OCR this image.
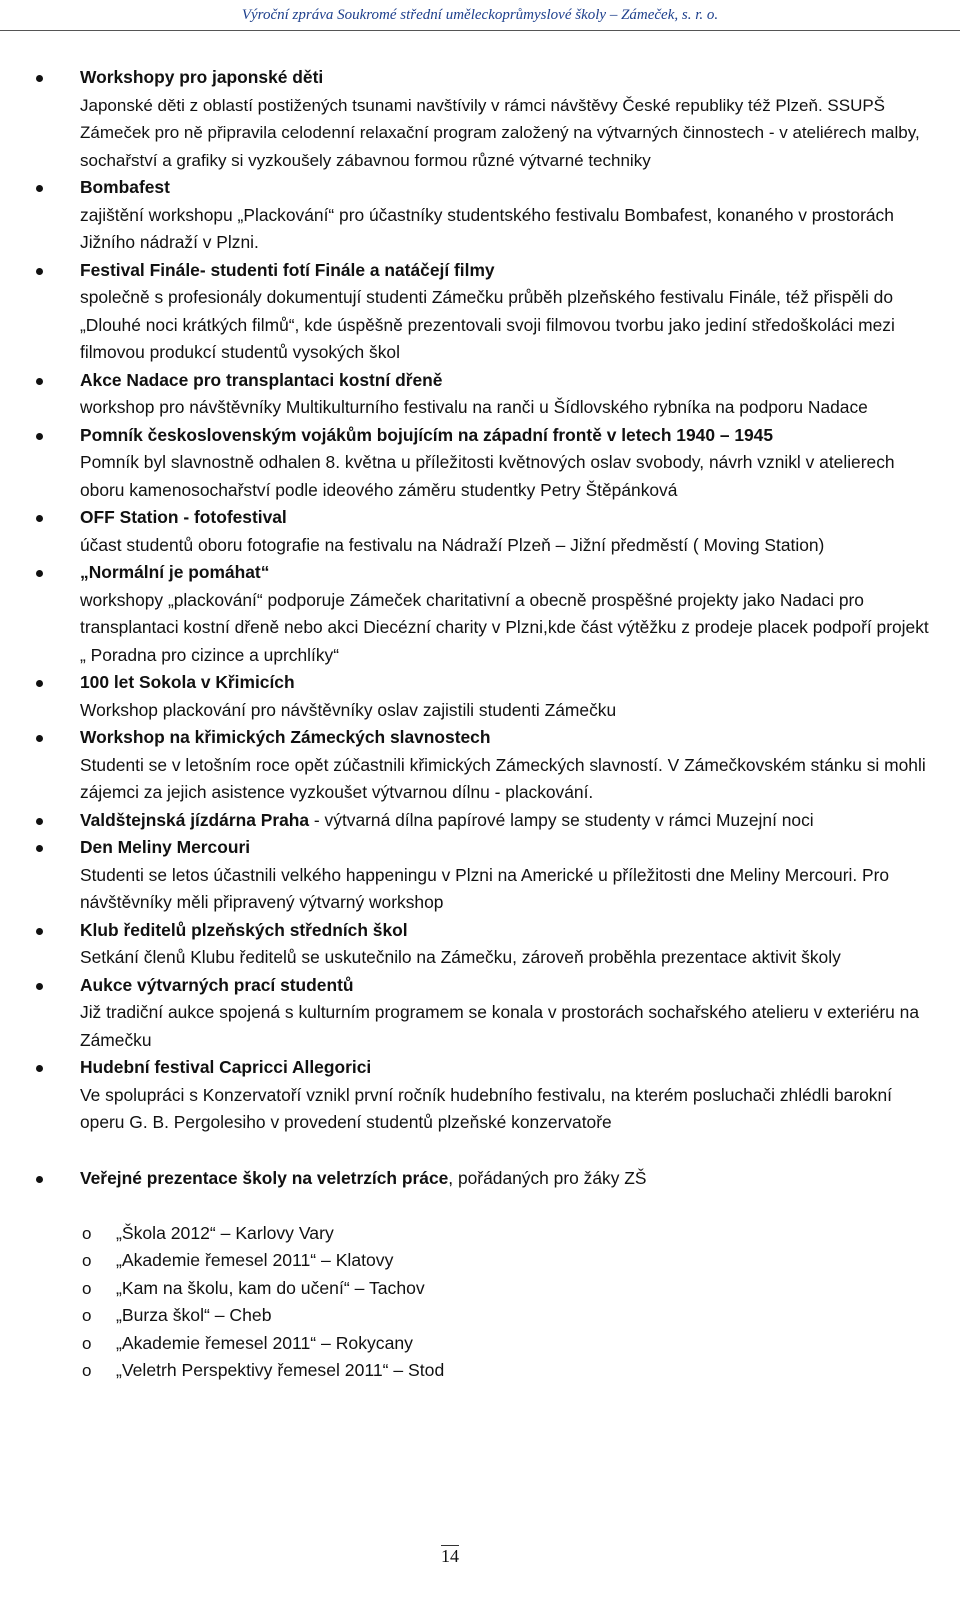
Výroční zpráva Soukromé střední uměleckoprůmyslové školy – Zámeček, s. r. o.
Workshopy pro japonské děti
Japonské děti z oblastí postižených tsunami navštívily v rámci návštěvy České republiky též Plzeň. SSUPŠ Zámeček pro ně připravila celodenní relaxační program založený na výtvarných činnostech - v ateliérech malby, sochařství a grafiky si vyzkoušely zábavnou formou různé výtvarné techniky
Bombafest
zajištění workshopu „Plackování“ pro účastníky studentského festivalu Bombafest, konaného v prostorách Jižního nádraží v Plzni.
Festival Finále- studenti fotí Finále a natáčejí filmy
společně s profesionály dokumentují studenti Zámečku průběh plzeňského festivalu Finále, též přispěli do „Dlouhé noci krátkých filmů“, kde úspěšně prezentovali svoji filmovou tvorbu jako jediní středoškoláci mezi filmovou produkcí studentů vysokých škol
Akce Nadace pro transplantaci kostní dřeně
workshop pro návštěvníky Multikulturního festivalu na ranči u Šídlovského rybníka na podporu Nadace
Pomník československým vojákům bojujícím na západní frontě v letech 1940 – 1945
Pomník byl slavnostně odhalen 8. května u příležitosti květnových oslav svobody, návrh vznikl v atelierech oboru kamenosochařství podle ideového záměru studentky Petry Štěpánková
OFF Station - fotofestival
účast studentů oboru fotografie na festivalu na Nádraží Plzeň – Jižní předměstí ( Moving Station)
„Normální je pomáhat“
workshopy „plackování“ podporuje Zámeček charitativní a obecně prospěšné projekty jako Nadaci pro transplantaci kostní dřeně nebo akci Diecézní charity v Plzni,kde část výtěžku z prodeje placek podpoří projekt „ Poradna pro cizince a uprchlíky“
100 let Sokola v Křimicích
Workshop plackování pro návštěvníky oslav zajistili studenti Zámečku
Workshop na křimických Zámeckých slavnostech
Studenti se v letošním roce opět zúčastnili křimických Zámeckých slavností. V Zámečkovském stánku si mohli zájemci za jejich asistence vyzkoušet výtvarnou dílnu - plackování.
Valdštejnská jízdárna Praha - výtvarná dílna papírové lampy se studenty v rámci Muzejní noci
Den Meliny Mercouri
Studenti se letos účastnili velkého happeningu v Plzni na Americké u příležitosti dne Meliny Mercouri. Pro návštěvníky měli připravený výtvarný workshop
Klub ředitelů plzeňských středních škol
Setkání členů Klubu ředitelů se uskutečnilo na Zámečku, zároveň proběhla prezentace aktivit školy
Aukce výtvarných prací studentů
Již tradiční aukce spojená s kulturním programem se konala v prostorách sochařského atelieru v exteriéru na Zámečku
Hudební festival Capricci Allegorici
Ve spolupráci s Konzervatoří vznikl první ročník hudebního festivalu, na kterém posluchači zhlédli barokní operu G. B. Pergolesiho v provedení studentů plzeňské konzervatoře
Veřejné prezentace školy na veletrzích práce, pořádaných pro žáky ZŠ
o „Škola 2012“ – Karlovy Vary
o „Akademie řemesel 2011“ – Klatovy
o „Kam na školu, kam do učení“ – Tachov
o „Burza škol“ – Cheb
o „Akademie řemesel 2011“ – Rokycany
o „Veletrh Perspektivy řemesel 2011“ – Stod
14
